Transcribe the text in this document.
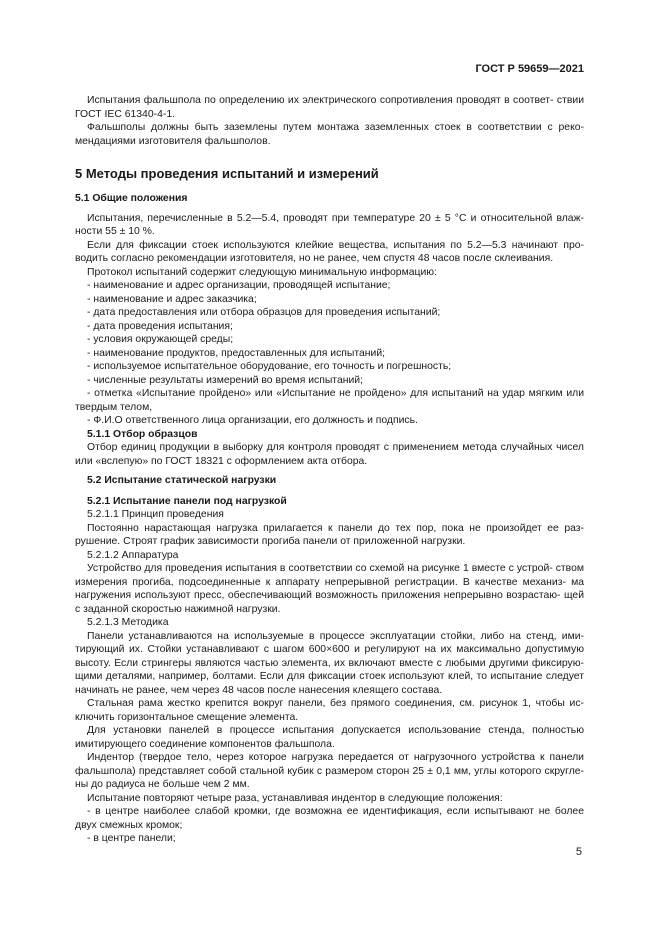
ГОСТ Р 59659—2021

Испытания фальшпола по определению их электрического сопротивления проводят в соответ- ствии ГОСТ IEC 61340-4-1.

Фальшполы должны быть заземлены путем монтажа заземленных стоек в соответствии с реко- мендациями изготовителя фальшполов.

5 Методы проведения испытаний и измерений
5.1 Общие положения

Испытания, перечисленные в 5.2—5.4, проводят при температуре 20 ± 5 °С и относительной влаж- ности 55 ± 10 %.

Если для фиксации стоек используются клейкие вещества, испытания по 5.2—5.3 начинают про- водить согласно рекомендации изготовителя, но не ранее, чем спустя 48 часов после склеивания.

Протокол испытаний содержит следующую минимальную информацию:

- наименование и адрес организации, проводящей испытание;
- наименование и адрес заказчика;
- дата предоставления или отбора образцов для проведения испытаний;
- дата проведения испытания;
- условия окружающей среды;
- наименование продуктов, предоставленных для испытаний;
- используемое испытательное оборудование, его точность и погрешность;
- численные результаты измерений во время испытаний;
- отметка «Испытание пройдено» или «Испытание не пройдено» для испытаний на удар мягким или твердым телом,
- Ф.И.О ответственного лица организации, его должность и подпись.

5.1.1 Отбор образцов

Отбор единиц продукции в выборку для контроля проводят с применением метода случайных чисел или «вслепую» по ГОСТ 18321 с оформлением акта отбора.

5.2 Испытание статической нагрузки

5.2.1 Испытание панели под нагрузкой

5.2.1.1 Принцип проведения

Постоянно нарастающая нагрузка прилагается к панели до тех пор, пока не произойдет ее раз- рушение. Строят график зависимости прогиба панели от приложенной нагрузки.

5.2.1.2 Аппаратура

Устройство для проведения испытания в соответствии со схемой на рисунке 1 вместе с устрой- ством измерения прогиба, подсоединенные к аппарату непрерывной регистрации. В качестве механиз- ма нагружения используют пресс, обеспечивающий возможность приложения непрерывно возрастаю- щей с заданной скоростью нажимной нагрузки.

5.2.1.3 Методика

Панели устанавливаются на используемые в процессе эксплуатации стойки, либо на стенд, ими- тирующий их. Стойки устанавливают с шагом 600×600 и регулируют на их максимально допустимую высоту. Если стрингеры являются частью элемента, их включают вместе с любыми другими фиксирую- щими деталями, например, болтами. Если для фиксации стоек используют клей, то испытание следует начинать не ранее, чем через 48 часов после нанесения клеящего состава.

Стальная рама жестко крепится вокруг панели, без прямого соединения, см. рисунок 1, чтобы ис- ключить горизонтальное смещение элемента.

Для установки панелей в процессе испытания допускается использование стенда, полностью имитирующего соединение компонентов фальшпола.

Индентор (твердое тело, через которое нагрузка передается от нагрузочного устройства к панели фальшпола) представляет собой стальной кубик с размером сторон 25 ± 0,1 мм, углы которого скругле- ны до радиуса не больше чем 2 мм.

Испытание повторяют четыре раза, устанавливая индентор в следующие положения:

- в центре наиболее слабой кромки, где возможна ее идентификация, если испытывают не более двух смежных кромок;
- в центре панели;
5
